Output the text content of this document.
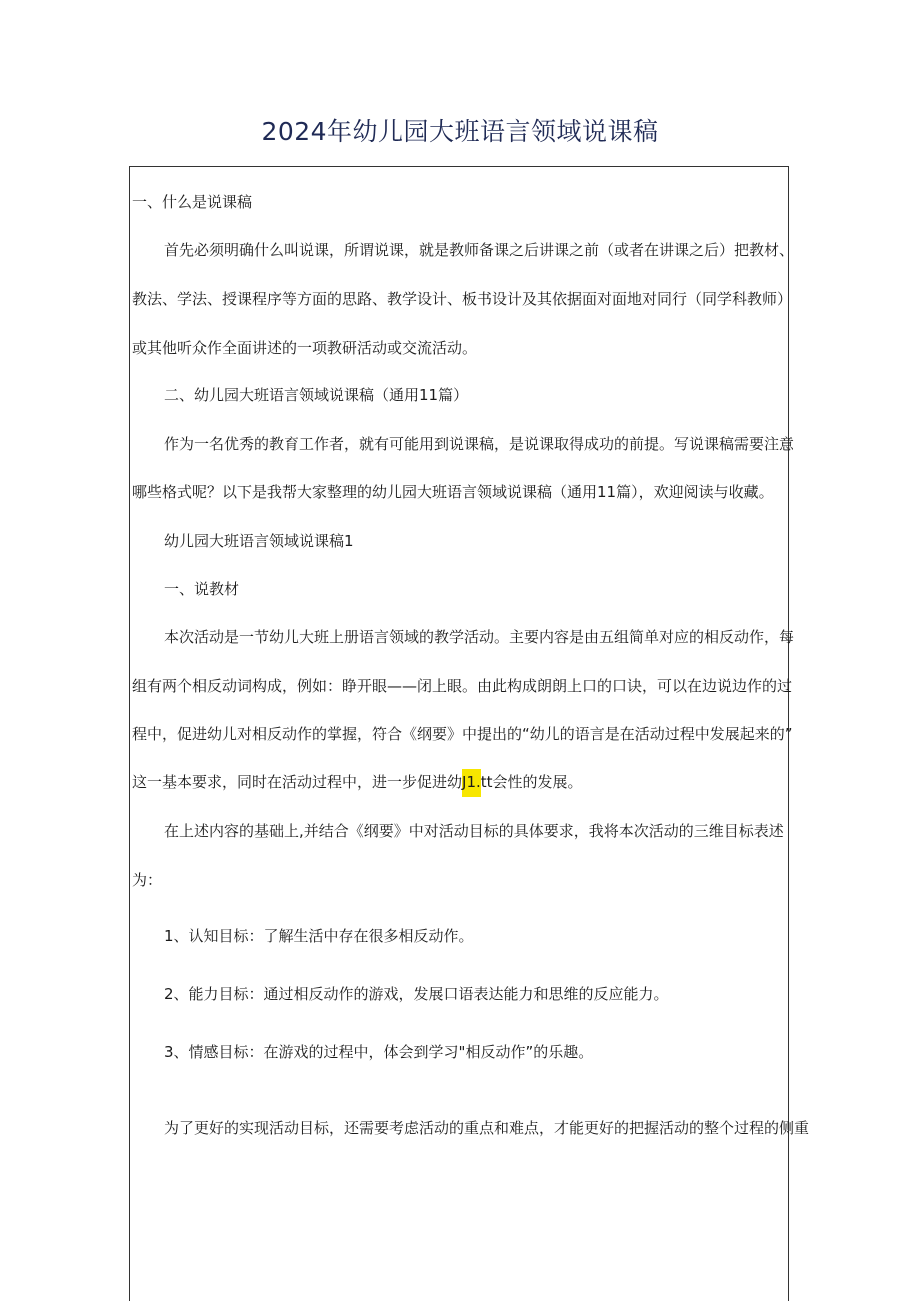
2024年幼儿园大班语言领域说课稿
一、什么是说课稿
首先必须明确什么叫说课，所谓说课，就是教师备课之后讲课之前（或者在讲课之后）把教材、
教法、学法、授课程序等方面的思路、教学设计、板书设计及其依据面对面地对同行（同学科教师）
或其他听众作全面讲述的一项教研活动或交流活动。
二、幼儿园大班语言领域说课稿（通用11篇）
作为一名优秀的教育工作者，就有可能用到说课稿，是说课取得成功的前提。写说课稿需要注意
哪些格式呢？以下是我帮大家整理的幼儿园大班语言领域说课稿（通用11篇），欢迎阅读与收藏。
幼儿园大班语言领域说课稿1
一、说教材
本次活动是一节幼儿大班上册语言领域的教学活动。主要内容是由五组简单对应的相反动作，每
组有两个相反动词构成，例如：睁开眼——闭上眼。由此构成朗朗上口的口诀，可以在边说边作的过
程中，促进幼儿对相反动作的掌握，符合《纲要》中提出的“幼儿的语言是在活动过程中发展起来的”
这一基本要求，同时在活动过程中，进一步促进幼J1.tt会性的发展。
在上述内容的基础上,并结合《纲要》中对活动目标的具体要求，我将本次活动的三维目标表述
为：
1、认知目标：了解生活中存在很多相反动作。
2、能力目标：通过相反动作的游戏，发展口语表达能力和思维的反应能力。
3、情感目标：在游戏的过程中，体会到学习"相反动作”的乐趣。
为了更好的实现活动目标，还需要考虑活动的重点和难点，才能更好的把握活动的整个过程的侧重
